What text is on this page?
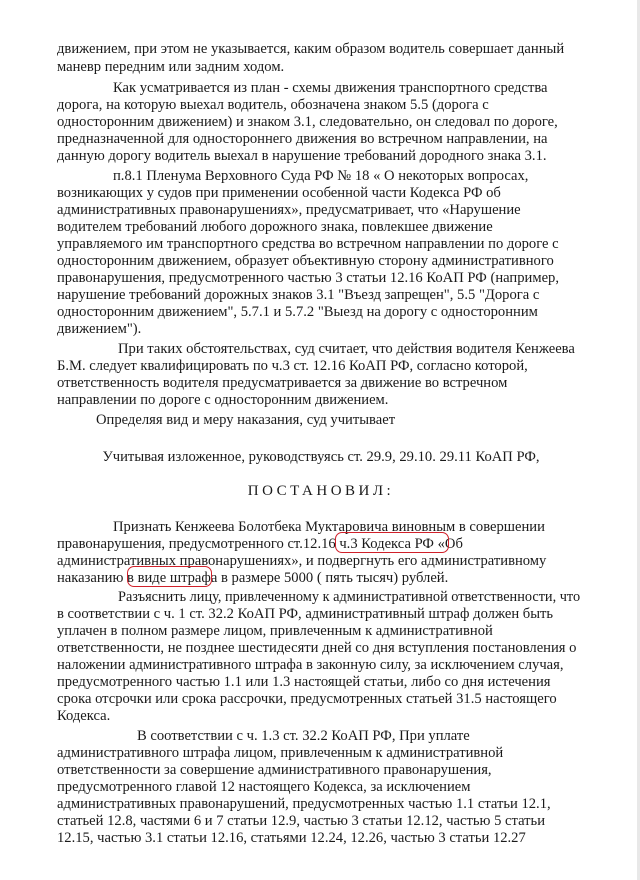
движением, при этом не указывается, каким образом водитель совершает данный
маневр передним или задним ходом.
Как усматривается из план - схемы движения транспортного средства
дорога, на которую выехал водитель, обозначена знаком 5.5 (дорога с
односторонним движением) и знаком 3.1, следовательно, он следовал по дороге,
предназначенной для одностороннего движения во встречном направлении, на
данную дорогу водитель выехал в нарушение требований дородного знака 3.1.
п.8.1 Пленума Верховного Суда РФ № 18 « О некоторых вопросах,
возникающих у судов при применении особенной части Кодекса РФ об
административных правонарушениях», предусматривает, что «Нарушение
водителем требований любого дорожного знака, повлекшее движение
управляемого им транспортного средства во встречном направлении по дороге с
односторонним движением, образует объективную сторону административного
правонарушения, предусмотренного частью 3 статьи 12.16 КоАП РФ (например,
нарушение требований дорожных знаков 3.1 "Въезд запрещен", 5.5 "Дорога с
односторонним движением", 5.7.1 и 5.7.2 "Выезд на дорогу с односторонним
движением").
При таких обстоятельствах, суд считает, что действия водителя Кенжеева
Б.М. следует квалифицировать по ч.3 ст. 12.16 КоАП РФ, согласно которой,
ответственность водителя предусматривается за движение во встречном
направлении по дороге с односторонним движением.
Определяя вид и меру наказания, суд учитывает
Учитывая изложенное, руководствуясь ст. 29.9, 29.10. 29.11 КоАП РФ,
ПОСТАНОВИЛ:
Признать Кенжеева Болотбека Муктаровича виновным в совершении
правонарушения, предусмотренного ст.12.16 ч.3 Кодекса РФ «Об
административных правонарушениях», и подвергнуть его административному
наказанию в виде штрафа в размере 5000 ( пять тысяч) рублей.
Разъяснить лицу, привлеченному к административной ответственности, что
в соответствии с ч. 1 ст. 32.2 КоАП РФ, административный штраф должен быть
уплачен в полном размере лицом, привлеченным к административной
ответственности, не позднее шестидесяти дней со дня вступления постановления о
наложении административного штрафа в законную силу, за исключением случая,
предусмотренного частью 1.1 или 1.3 настоящей статьи, либо со дня истечения
срока отсрочки или срока рассрочки, предусмотренных статьей 31.5 настоящего
Кодекса.
В соответствии с ч. 1.3 ст. 32.2 КоАП РФ, При уплате
административного штрафа лицом, привлеченным к административной
ответственности за совершение административного правонарушения,
предусмотренного главой 12 настоящего Кодекса, за исключением
административных правонарушений, предусмотренных частью 1.1 статьи 12.1,
статьей 12.8, частями 6 и 7 статьи 12.9, частью 3 статьи 12.12, частью 5 статьи
12.15, частью 3.1 статьи 12.16, статьями 12.24, 12.26, частью 3 статьи 12.27
